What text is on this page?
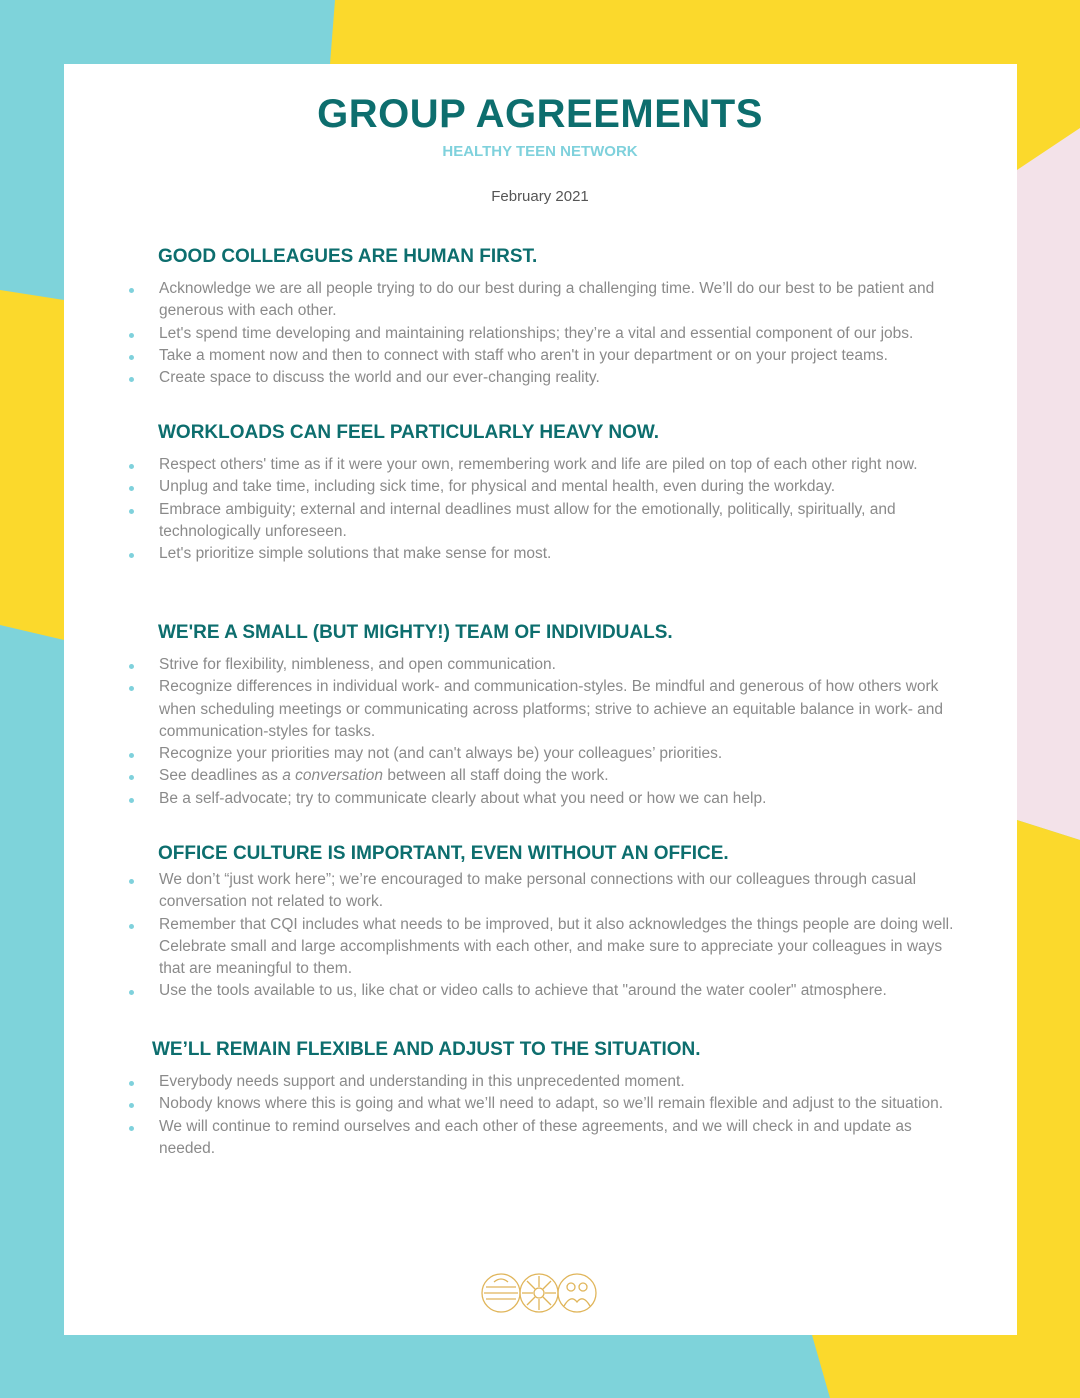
GROUP AGREEMENTS
HEALTHY TEEN NETWORK
February 2021
GOOD COLLEAGUES ARE HUMAN FIRST.
Acknowledge we are all people trying to do our best during a challenging time. We’ll do our best to be patient and generous with each other.
Let's spend time developing and maintaining relationships; they’re a vital and essential component of our jobs.
Take a moment now and then to connect with staff who aren't in your department or on your project teams.
Create space to discuss the world and our ever-changing reality.
WORKLOADS CAN FEEL PARTICULARLY HEAVY NOW.
Respect others' time as if it were your own, remembering work and life are piled on top of each other right now.
Unplug and take time, including sick time, for physical and mental health, even during the workday.
Embrace ambiguity; external and internal deadlines must allow for the emotionally, politically, spiritually, and technologically unforeseen.
Let's prioritize simple solutions that make sense for most.
WE'RE A SMALL (BUT MIGHTY!) TEAM OF INDIVIDUALS.
Strive for flexibility, nimbleness, and open communication.
Recognize differences in individual work- and communication-styles. Be mindful and generous of how others work when scheduling meetings or communicating across platforms; strive to achieve an equitable balance in work- and communication-styles for tasks.
Recognize your priorities may not (and can't always be) your colleagues’ priorities.
See deadlines as a conversation between all staff doing the work.
Be a self-advocate; try to communicate clearly about what you need or how we can help.
OFFICE CULTURE IS IMPORTANT, EVEN WITHOUT AN OFFICE.
We don’t “just work here”; we’re encouraged to make personal connections with our colleagues through casual conversation not related to work.
Remember that CQI includes what needs to be improved, but it also acknowledges the things people are doing well. Celebrate small and large accomplishments with each other, and make sure to appreciate your colleagues in ways that are meaningful to them.
Use the tools available to us, like chat or video calls to achieve that "around the water cooler" atmosphere.
WE’LL REMAIN FLEXIBLE AND ADJUST TO THE SITUATION.
Everybody needs support and understanding in this unprecedented moment.
Nobody knows where this is going and what we’ll need to adapt, so we’ll remain flexible and adjust to the situation.
We will continue to remind ourselves and each other of these agreements, and we will check in and update as needed.
